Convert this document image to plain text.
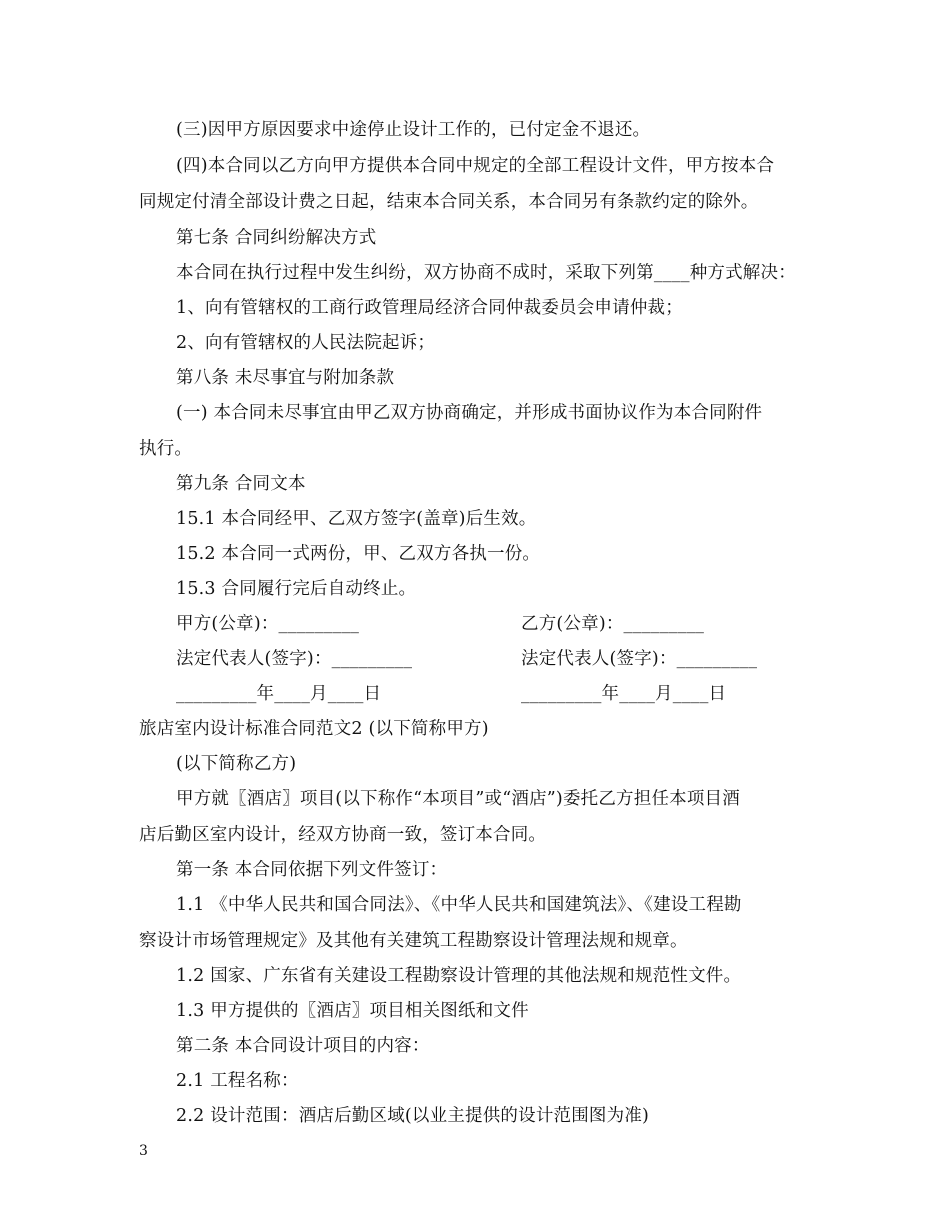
(三)因甲方原因要求中途停止设计工作的，已付定金不退还。
(四)本合同以乙方向甲方提供本合同中规定的全部工程设计文件，甲方按本合
同规定付清全部设计费之日起，结束本合同关系，本合同另有条款约定的除外。
第七条 合同纠纷解决方式
本合同在执行过程中发生纠纷，双方协商不成时，采取下列第____种方式解决：
1、向有管辖权的工商行政管理局经济合同仲裁委员会申请仲裁；
2、向有管辖权的人民法院起诉；
第八条 未尽事宜与附加条款
(一) 本合同未尽事宜由甲乙双方协商确定，并形成书面协议作为本合同附件
执行。
第九条 合同文本
15.1 本合同经甲、乙双方签字(盖章)后生效。
15.2 本合同一式两份，甲、乙双方各执一份。
15.3 合同履行完后自动终止。
甲方(公章)：_________	乙方(公章)：_________
法定代表人(签字)：_________	法定代表人(签字)：_________
_________年____月____日	_________年____月____日
旅店室内设计标准合同范文2 (以下简称甲方)
(以下简称乙方)
甲方就〖酒店〗项目(以下称作“本项目”或“酒店”)委托乙方担任本项目酒
店后勤区室内设计，经双方协商一致，签订本合同。
第一条 本合同依据下列文件签订：
1.1 《中华人民共和国合同法》、《中华人民共和国建筑法》、《建设工程勘
察设计市场管理规定》及其他有关建筑工程勘察设计管理法规和规章。
1.2 国家、广东省有关建设工程勘察设计管理的其他法规和规范性文件。
1.3 甲方提供的〖酒店〗项目相关图纸和文件
第二条 本合同设计项目的内容：
2.1 工程名称：
2.2 设计范围：酒店后勤区域(以业主提供的设计范围图为准)
3
